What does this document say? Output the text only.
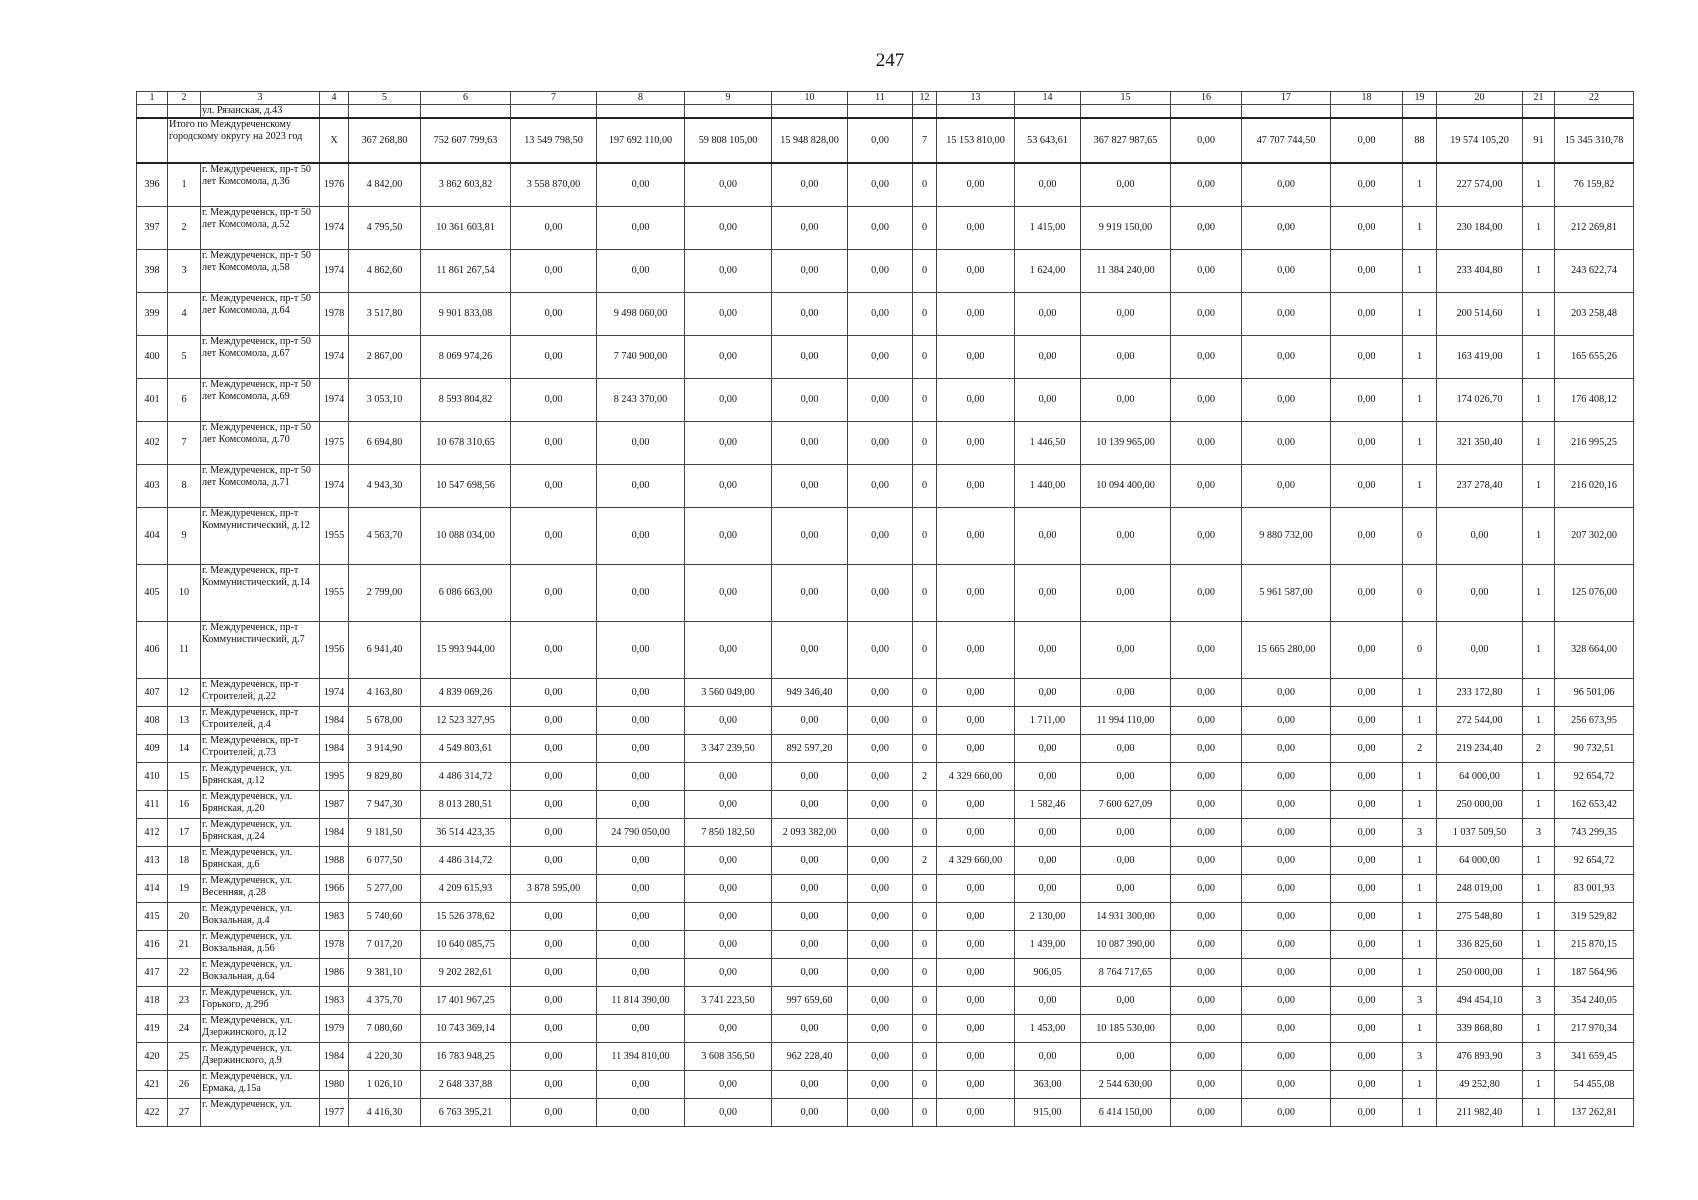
247
1	2	3	4	5	6	7	8	9	10	11	12	13	14	15	16	17	18	19	20	21	22
		ул. Рязанская, д.43																			
	Итого по Междуреченскому городскому округу на 2023 год		X	367 268,80	752 607 799,63	13 549 798,50	197 692 110,00	59 808 105,00	15 948 828,00	0,00	7	15 153 810,00	53 643,61	367 827 987,65	0,00	47 707 744,50	0,00	88	19 574 105,20	91	15 345 310,78
396	1	г. Междуреченск, пр-т 50 лет Комсомола, д.36	1976	4 842,00	3 862 603,82	3 558 870,00	0,00	0,00	0,00	0,00	0	0,00	0,00	0,00	0,00	0,00	0,00	1	227 574,00	1	76 159,82
397	2	г. Междуреченск, пр-т 50 лет Комсомола, д.52	1974	4 795,50	10 361 603,81	0,00	0,00	0,00	0,00	0,00	0	0,00	1 415,00	9 919 150,00	0,00	0,00	0,00	1	230 184,00	1	212 269,81
398	3	г. Междуреченск, пр-т 50 лет Комсомола, д.58	1974	4 862,60	11 861 267,54	0,00	0,00	0,00	0,00	0,00	0	0,00	1 624,00	11 384 240,00	0,00	0,00	0,00	1	233 404,80	1	243 622,74
399	4	г. Междуреченск, пр-т 50 лет Комсомола, д.64	1978	3 517,80	9 901 833,08	0,00	9 498 060,00	0,00	0,00	0,00	0	0,00	0,00	0,00	0,00	0,00	0,00	1	200 514,60	1	203 258,48
400	5	г. Междуреченск, пр-т 50 лет Комсомола, д.67	1974	2 867,00	8 069 974,26	0,00	7 740 900,00	0,00	0,00	0,00	0	0,00	0,00	0,00	0,00	0,00	0,00	1	163 419,00	1	165 655,26
401	6	г. Междуреченск, пр-т 50 лет Комсомола, д.69	1974	3 053,10	8 593 804,82	0,00	8 243 370,00	0,00	0,00	0,00	0	0,00	0,00	0,00	0,00	0,00	0,00	1	174 026,70	1	176 408,12
402	7	г. Междуреченск, пр-т 50 лет Комсомола, д.70	1975	6 694,80	10 678 310,65	0,00	0,00	0,00	0,00	0,00	0	0,00	1 446,50	10 139 965,00	0,00	0,00	0,00	1	321 350,40	1	216 995,25
403	8	г. Междуреченск, пр-т 50 лет Комсомола, д.71	1974	4 943,30	10 547 698,56	0,00	0,00	0,00	0,00	0,00	0	0,00	1 440,00	10 094 400,00	0,00	0,00	0,00	1	237 278,40	1	216 020,16
404	9	г. Междуреченск, пр-т Коммунистический, д.12	1955	4 563,70	10 088 034,00	0,00	0,00	0,00	0,00	0,00	0	0,00	0,00	0,00	0,00	9 880 732,00	0,00	0	0,00	1	207 302,00
405	10	г. Междуреченск, пр-т Коммунистический, д.14	1955	2 799,00	6 086 663,00	0,00	0,00	0,00	0,00	0,00	0	0,00	0,00	0,00	0,00	5 961 587,00	0,00	0	0,00	1	125 076,00
406	11	г. Междуреченск, пр-т Коммунистический, д.7	1956	6 941,40	15 993 944,00	0,00	0,00	0,00	0,00	0,00	0	0,00	0,00	0,00	0,00	15 665 280,00	0,00	0	0,00	1	328 664,00
407	12	г. Междуреченск, пр-т Строителей, д.22	1974	4 163,80	4 839 069,26	0,00	0,00	3 560 049,00	949 346,40	0,00	0	0,00	0,00	0,00	0,00	0,00	0,00	1	233 172,80	1	96 501,06
408	13	г. Междуреченск, пр-т Строителей, д.4	1984	5 678,00	12 523 327,95	0,00	0,00	0,00	0,00	0,00	0	0,00	1 711,00	11 994 110,00	0,00	0,00	0,00	1	272 544,00	1	256 673,95
409	14	г. Междуреченск, пр-т Строителей, д.73	1984	3 914,90	4 549 803,61	0,00	0,00	3 347 239,50	892 597,20	0,00	0	0,00	0,00	0,00	0,00	0,00	0,00	2	219 234,40	2	90 732,51
410	15	г. Междуреченск, ул. Брянская, д.12	1995	9 829,80	4 486 314,72	0,00	0,00	0,00	0,00	0,00	2	4 329 660,00	0,00	0,00	0,00	0,00	0,00	1	64 000,00	1	92 654,72
411	16	г. Междуреченск, ул. Брянская, д.20	1987	7 947,30	8 013 280,51	0,00	0,00	0,00	0,00	0,00	0	0,00	1 582,46	7 600 627,09	0,00	0,00	0,00	1	250 000,00	1	162 653,42
412	17	г. Междуреченск, ул. Брянская, д.24	1984	9 181,50	36 514 423,35	0,00	24 790 050,00	7 850 182,50	2 093 382,00	0,00	0	0,00	0,00	0,00	0,00	0,00	0,00	3	1 037 509,50	3	743 299,35
413	18	г. Междуреченск, ул. Брянская, д.6	1988	6 077,50	4 486 314,72	0,00	0,00	0,00	0,00	0,00	2	4 329 660,00	0,00	0,00	0,00	0,00	0,00	1	64 000,00	1	92 654,72
414	19	г. Междуреченск, ул. Весенняя, д.28	1966	5 277,00	4 209 615,93	3 878 595,00	0,00	0,00	0,00	0,00	0	0,00	0,00	0,00	0,00	0,00	0,00	1	248 019,00	1	83 001,93
415	20	г. Междуреченск, ул. Вокзальная, д.4	1983	5 740,60	15 526 378,62	0,00	0,00	0,00	0,00	0,00	0	0,00	2 130,00	14 931 300,00	0,00	0,00	0,00	1	275 548,80	1	319 529,82
416	21	г. Междуреченск, ул. Вокзальная, д.56	1978	7 017,20	10 640 085,75	0,00	0,00	0,00	0,00	0,00	0	0,00	1 439,00	10 087 390,00	0,00	0,00	0,00	1	336 825,60	1	215 870,15
417	22	г. Междуреченск, ул. Вокзальная, д.64	1986	9 381,10	9 202 282,61	0,00	0,00	0,00	0,00	0,00	0	0,00	906,05	8 764 717,65	0,00	0,00	0,00	1	250 000,00	1	187 564,96
418	23	г. Междуреченск, ул. Горького, д.29б	1983	4 375,70	17 401 967,25	0,00	11 814 390,00	3 741 223,50	997 659,60	0,00	0	0,00	0,00	0,00	0,00	0,00	0,00	3	494 454,10	3	354 240,05
419	24	г. Междуреченск, ул. Дзержинского, д.12	1979	7 080,60	10 743 369,14	0,00	0,00	0,00	0,00	0,00	0	0,00	1 453,00	10 185 530,00	0,00	0,00	0,00	1	339 868,80	1	217 970,34
420	25	г. Междуреченск, ул. Дзержинского, д.9	1984	4 220,30	16 783 948,25	0,00	11 394 810,00	3 608 356,50	962 228,40	0,00	0	0,00	0,00	0,00	0,00	0,00	0,00	3	476 893,90	3	341 659,45
421	26	г. Междуреченск, ул. Ермака, д.15а	1980	1 026,10	2 648 337,88	0,00	0,00	0,00	0,00	0,00	0	0,00	363,00	2 544 630,00	0,00	0,00	0,00	1	49 252,80	1	54 455,08
422	27	г. Междуреченск, ул.	1977	4 416,30	6 763 395,21	0,00	0,00	0,00	0,00	0,00	0	0,00	915,00	6 414 150,00	0,00	0,00	0,00	1	211 982,40	1	137 262,81
